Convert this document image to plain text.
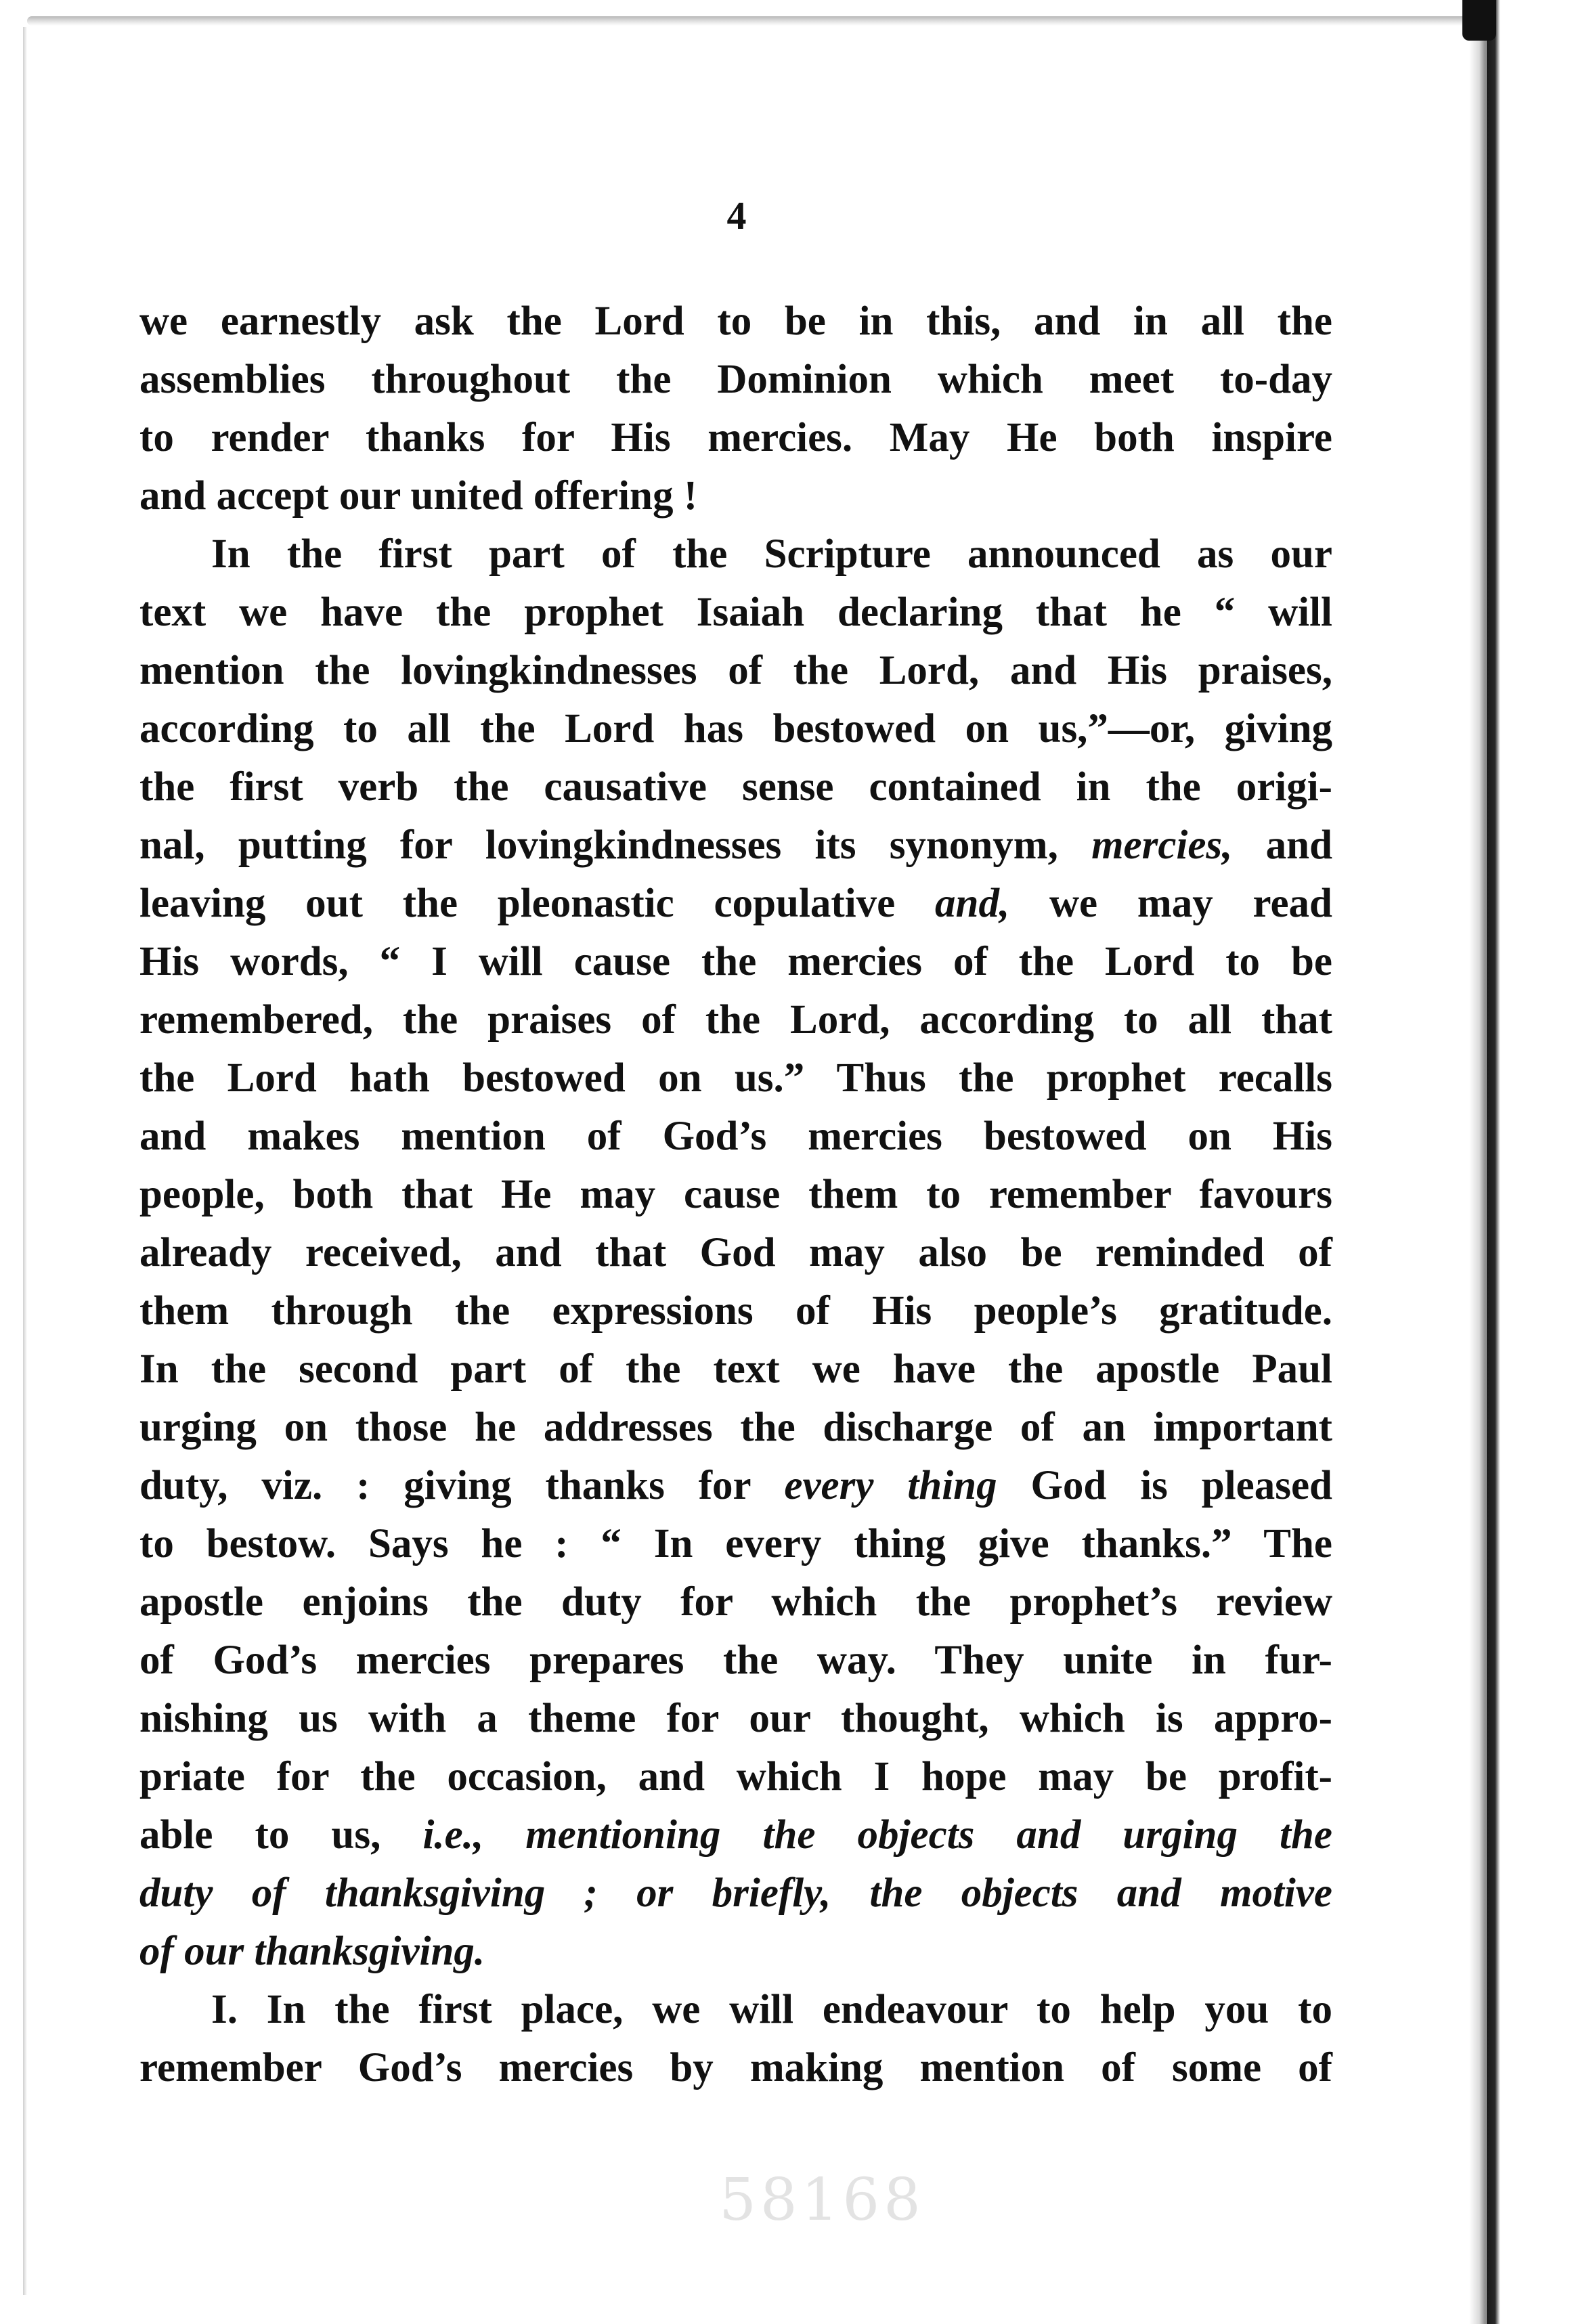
4
we earnestly ask the Lord to be in this, and in all the
assemblies throughout the Dominion which meet to-day
to render thanks for His mercies. May He both inspire
and accept our united offering !
In the first part of the Scripture announced as our
text we have the prophet Isaiah declaring that he “ will
mention the lovingkindnesses of the Lord, and His praises,
according to all the Lord has bestowed on us,”—or, giving
the first verb the causative sense contained in the origi-
nal, putting for lovingkindnesses its synonym, mercies, and
leaving out the pleonastic copulative and, we may read
His words, “ I will cause the mercies of the Lord to be
remembered, the praises of the Lord, according to all that
the Lord hath bestowed on us.” Thus the prophet recalls
and makes mention of God’s mercies bestowed on His
people, both that He may cause them to remember favours
already received, and that God may also be reminded of
them through the expressions of His people’s gratitude.
In the second part of the text we have the apostle Paul
urging on those he addresses the discharge of an important
duty, viz. : giving thanks for every thing God is pleased
to bestow. Says he : “ In every thing give thanks.” The
apostle enjoins the duty for which the prophet’s review
of God’s mercies prepares the way. They unite in fur-
nishing us with a theme for our thought, which is appro-
priate for the occasion, and which I hope may be profit-
able to us, i.e., mentioning the objects and urging the
duty of thanksgiving ; or briefly, the objects and motive
of our thanksgiving.
I. In the first place, we will endeavour to help you to
remember God’s mercies by making mention of some of
58168
